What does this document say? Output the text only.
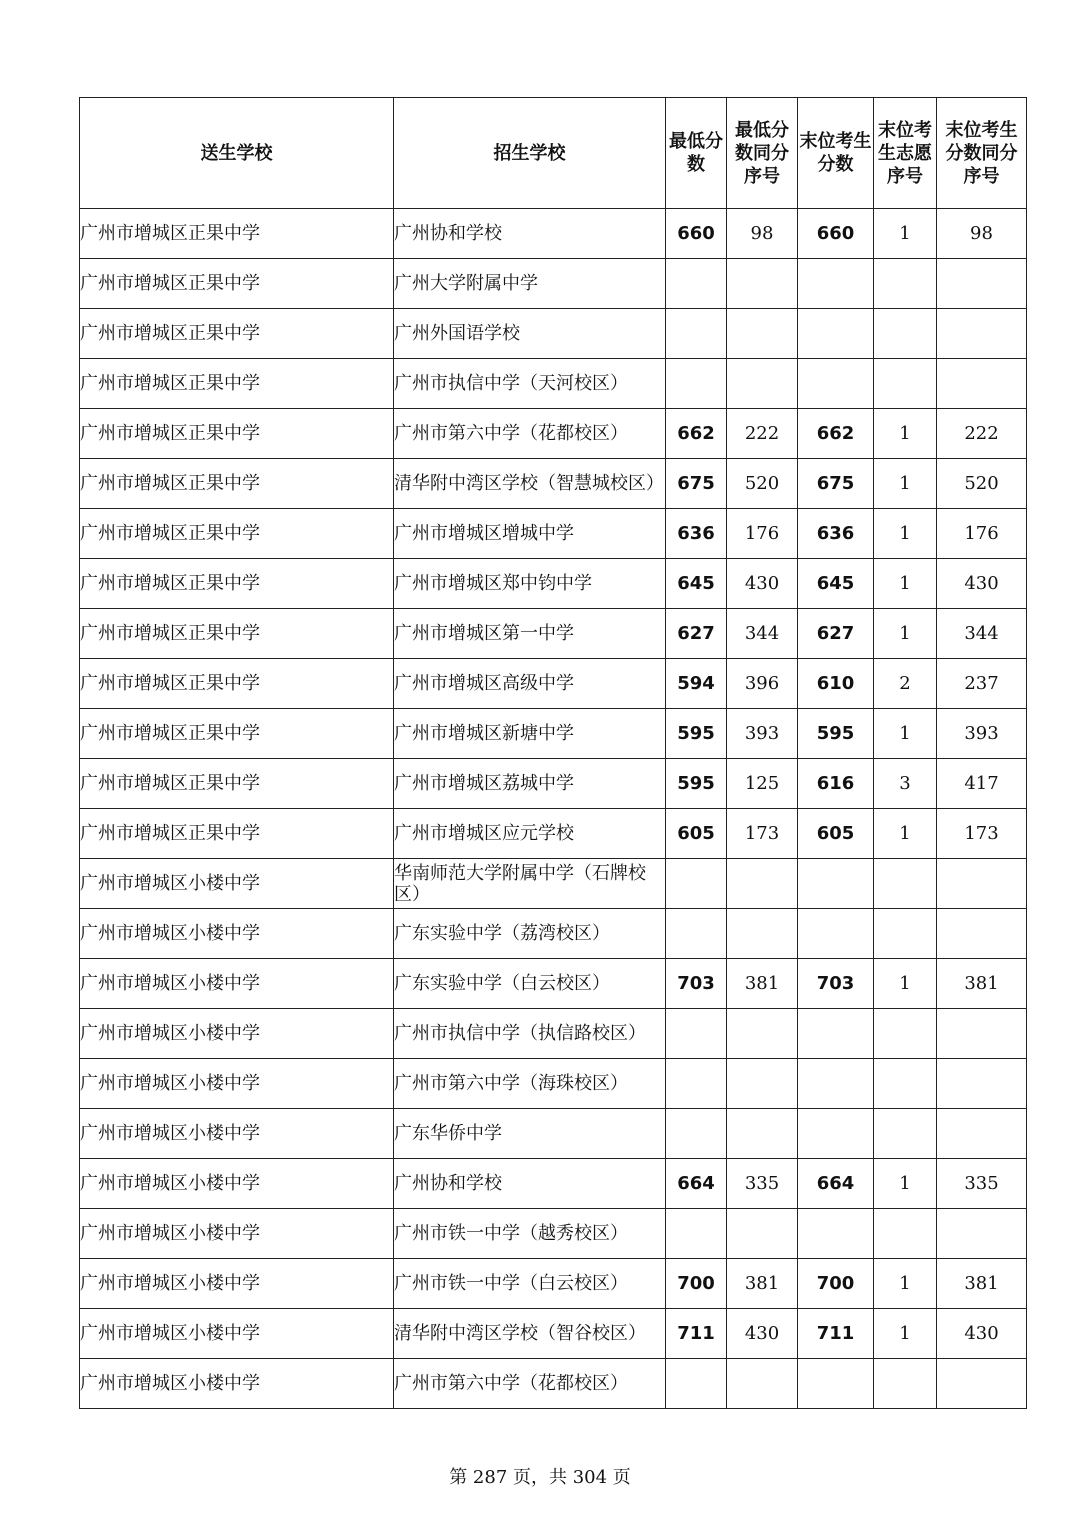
送生学校	招生学校	最低分数	最低分数同分序号	末位考生分数	末位考生志愿序号	末位考生分数同分序号
广州市增城区正果中学	广州协和学校	660	98	660	1	98
广州市增城区正果中学	广州大学附属中学					
广州市增城区正果中学	广州外国语学校					
广州市增城区正果中学	广州市执信中学（天河校区）					
广州市增城区正果中学	广州市第六中学（花都校区）	662	222	662	1	222
广州市增城区正果中学	清华附中湾区学校（智慧城校区）	675	520	675	1	520
广州市增城区正果中学	广州市增城区增城中学	636	176	636	1	176
广州市增城区正果中学	广州市增城区郑中钧中学	645	430	645	1	430
广州市增城区正果中学	广州市增城区第一中学	627	344	627	1	344
广州市增城区正果中学	广州市增城区高级中学	594	396	610	2	237
广州市增城区正果中学	广州市增城区新塘中学	595	393	595	1	393
广州市增城区正果中学	广州市增城区荔城中学	595	125	616	3	417
广州市增城区正果中学	广州市增城区应元学校	605	173	605	1	173
广州市增城区小楼中学	华南师范大学附属中学（石牌校区）					
广州市增城区小楼中学	广东实验中学（荔湾校区）					
广州市增城区小楼中学	广东实验中学（白云校区）	703	381	703	1	381
广州市增城区小楼中学	广州市执信中学（执信路校区）					
广州市增城区小楼中学	广州市第六中学（海珠校区）					
广州市增城区小楼中学	广东华侨中学					
广州市增城区小楼中学	广州协和学校	664	335	664	1	335
广州市增城区小楼中学	广州市铁一中学（越秀校区）					
广州市增城区小楼中学	广州市铁一中学（白云校区）	700	381	700	1	381
广州市增城区小楼中学	清华附中湾区学校（智谷校区）	711	430	711	1	430
广州市增城区小楼中学	广州市第六中学（花都校区）					
第 287 页，共 304 页
